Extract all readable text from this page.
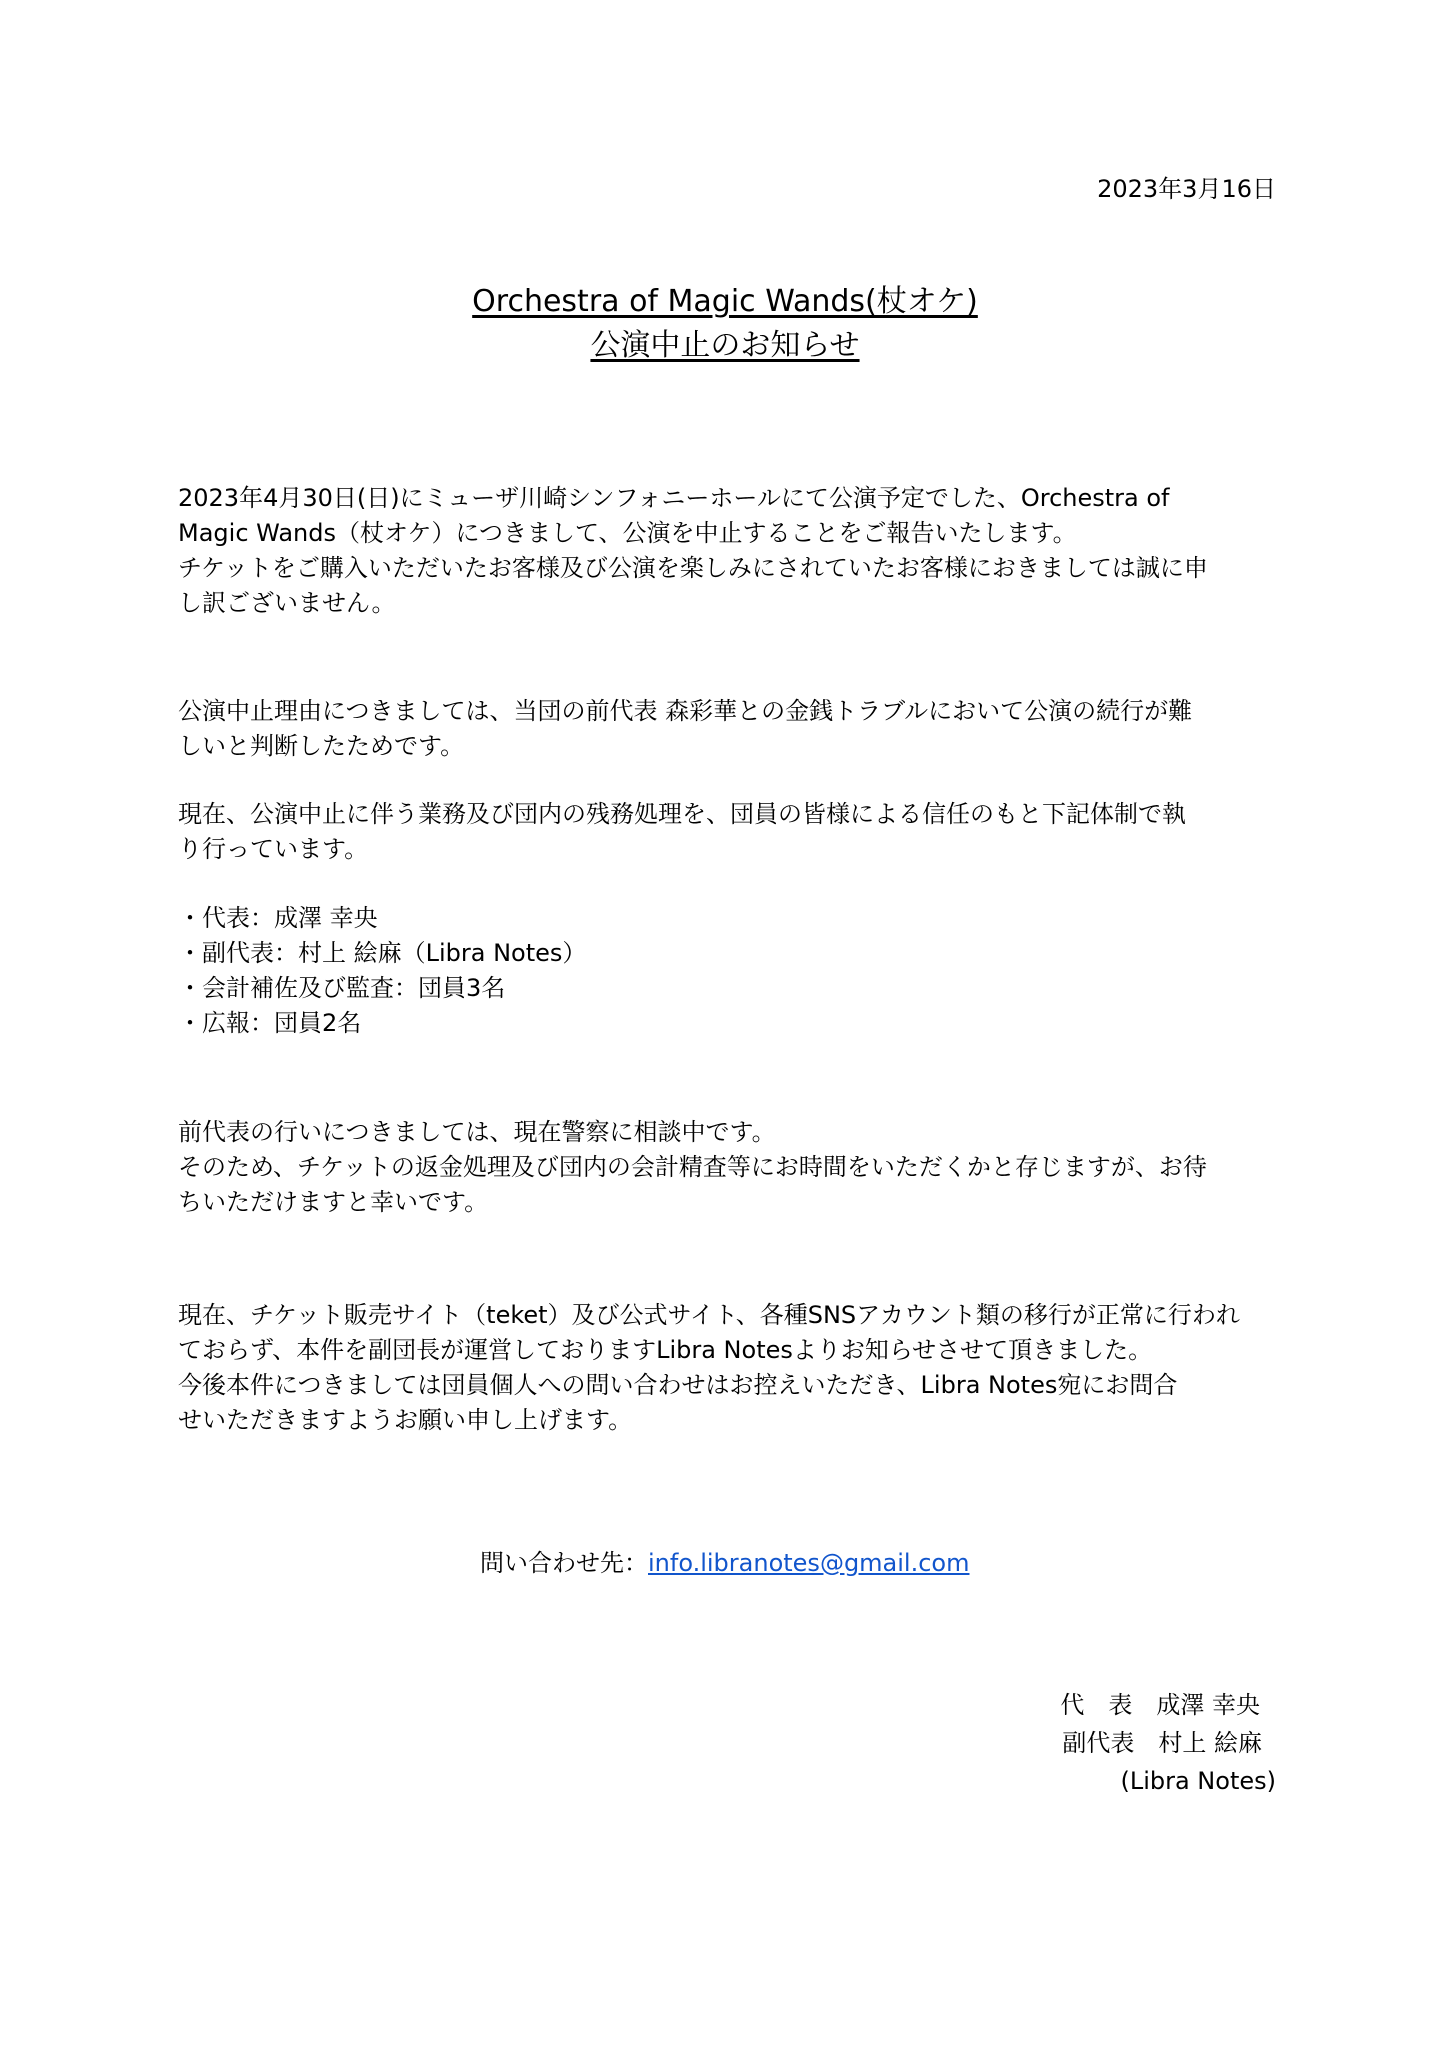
2023年3月16日
Orchestra of Magic Wands(杖オケ)
公演中止のお知らせ
2023年4月30日(日)にミューザ川崎シンフォニーホールにて公演予定でした、Orchestra of
Magic Wands（杖オケ）につきまして、公演を中止することをご報告いたします。
チケットをご購入いただいたお客様及び公演を楽しみにされていたお客様におきましては誠に申
し訳ございません。
公演中止理由につきましては、当団の前代表 森彩華との金銭トラブルにおいて公演の続行が難
しいと判断したためです。
現在、公演中止に伴う業務及び団内の残務処理を、団員の皆様による信任のもと下記体制で執
り行っています。
・代表：成澤 幸央
・副代表：村上 絵麻（Libra Notes）
・会計補佐及び監査：団員3名
・広報：団員2名
前代表の行いにつきましては、現在警察に相談中です。
そのため、チケットの返金処理及び団内の会計精査等にお時間をいただくかと存じますが、お待
ちいただけますと幸いです。
現在、チケット販売サイト（teket）及び公式サイト、各種SNSアカウント類の移行が正常に行われ
ておらず、本件を副団長が運営しておりますLibra Notesよりお知らせさせて頂きました。
今後本件につきましては団員個人への問い合わせはお控えいただき、Libra Notes宛にお問合
せいただきますようお願い申し上げます。
問い合わせ先：info.libranotes@gmail.com
代　表　成澤 幸央
副代表　村上 絵麻
(Libra Notes)
